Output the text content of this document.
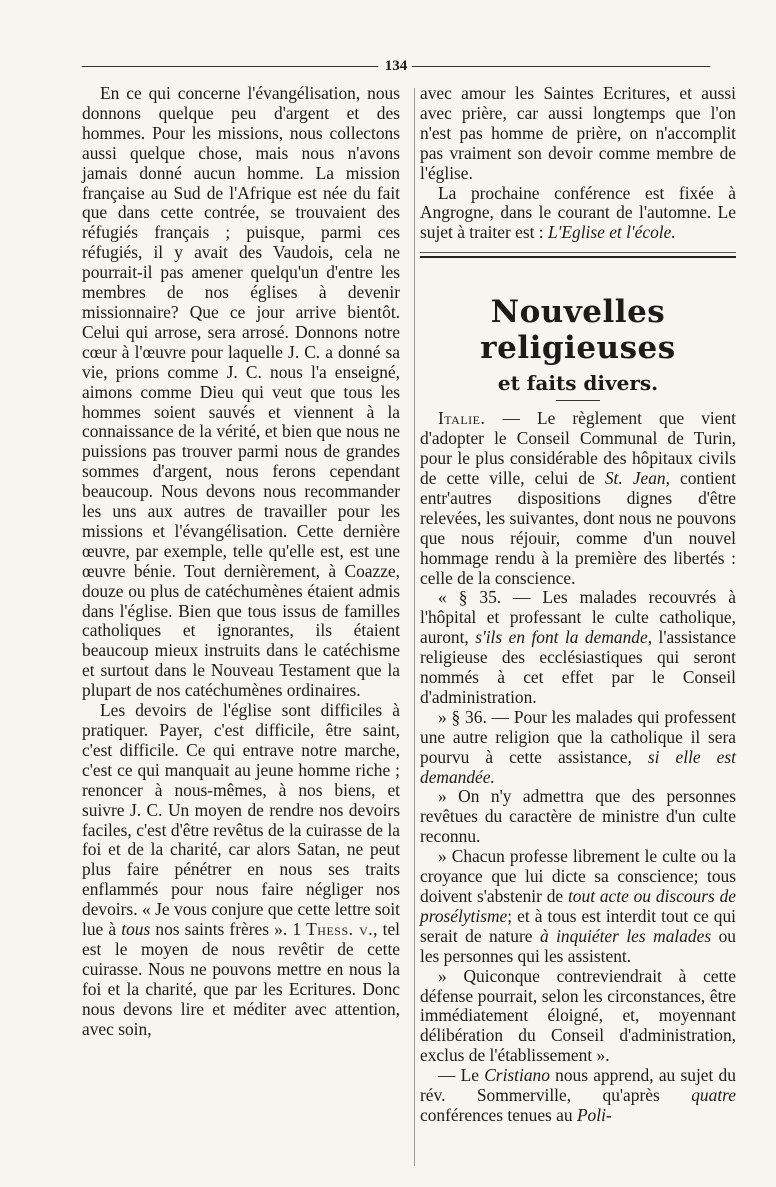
134

En ce qui concerne l'évangélisation, nous donnons quelque peu d'argent et des hommes. Pour les missions, nous collectons aussi quelque chose, mais nous n'avons jamais donné aucun homme. La mission française au Sud de l'Afrique est née du fait que dans cette contrée, se trouvaient des réfugiés français ; puisque, parmi ces réfugiés, il y avait des Vaudois, cela ne pourrait-il pas amener quelqu'un d'entre les membres de nos églises à devenir missionnaire? Que ce jour arrive bientôt. Celui qui arrose, sera arrosé. Donnons notre cœur à l'œuvre pour laquelle J. C. a donné sa vie, prions comme J. C. nous l'a enseigné, aimons comme Dieu qui veut que tous les hommes soient sauvés et viennent à la connaissance de la vérité, et bien que nous ne puissions pas trouver parmi nous de grandes sommes d'argent, nous ferons cependant beaucoup. Nous devons nous recommander les uns aux autres de travailler pour les missions et l'évangélisation. Cette dernière œuvre, par exemple, telle qu'elle est, est une œuvre bénie. Tout dernièrement, à Coazze, douze ou plus de catéchumènes étaient admis dans l'église. Bien que tous issus de familles catholiques et ignorantes, ils étaient beaucoup mieux instruits dans le catéchisme et surtout dans le Nouveau Testament que la plupart de nos catéchumènes ordinaires.

Les devoirs de l'église sont difficiles à pratiquer. Payer, c'est difficile, être saint, c'est difficile. Ce qui entrave notre marche, c'est ce qui manquait au jeune homme riche ; renoncer à nous-mêmes, à nos biens, et suivre J. C. Un moyen de rendre nos devoirs faciles, c'est d'être revêtus de la cuirasse de la foi et de la charité, car alors Satan, ne peut plus faire pénétrer en nous ses traits enflammés pour nous faire négliger nos devoirs. « Je vous conjure que cette lettre soit lue à tous nos saints frères ». 1 Thess. v., tel est le moyen de nous revêtir de cette cuirasse. Nous ne pouvons mettre en nous la foi et la charité, que par les Ecritures. Donc nous devons lire et méditer avec attention, avec soin,

avec amour les Saintes Ecritures, et aussi avec prière, car aussi longtemps que l'on n'est pas homme de prière, on n'accomplit pas vraiment son devoir comme membre de l'église.

La prochaine conférence est fixée à Angrogne, dans le courant de l'automne. Le sujet à traiter est : L'Eglise et l'école.

Nouvelles religieuses
et faits divers.

Italie. — Le règlement que vient d'adopter le Conseil Communal de Turin, pour le plus considérable des hôpitaux civils de cette ville, celui de St. Jean, contient entr'autres dispositions dignes d'être relevées, les suivantes, dont nous ne pouvons que nous réjouir, comme d'un nouvel hommage rendu à la première des libertés : celle de la conscience.

« § 35. — Les malades recouvrés à l'hôpital et professant le culte catholique, auront, s'ils en font la demande, l'assistance religieuse des ecclésiastiques qui seront nommés à cet effet par le Conseil d'administration.

» § 36. — Pour les malades qui professent une autre religion que la catholique il sera pourvu à cette assistance, si elle est demandée.

» On n'y admettra que des personnes revêtues du caractère de ministre d'un culte reconnu.

» Chacun professe librement le culte ou la croyance que lui dicte sa conscience; tous doivent s'abstenir de tout acte ou discours de prosélytisme; et à tous est interdit tout ce qui serait de nature à inquiéter les malades ou les personnes qui les assistent.

» Quiconque contreviendrait à cette défense pourrait, selon les circonstances, être immédiatement éloigné, et, moyennant délibération du Conseil d'administration, exclus de l'établissement ».

— Le Cristiano nous apprend, au sujet du rév. Sommerville, qu'après quatre conférences tenues au Poli-
